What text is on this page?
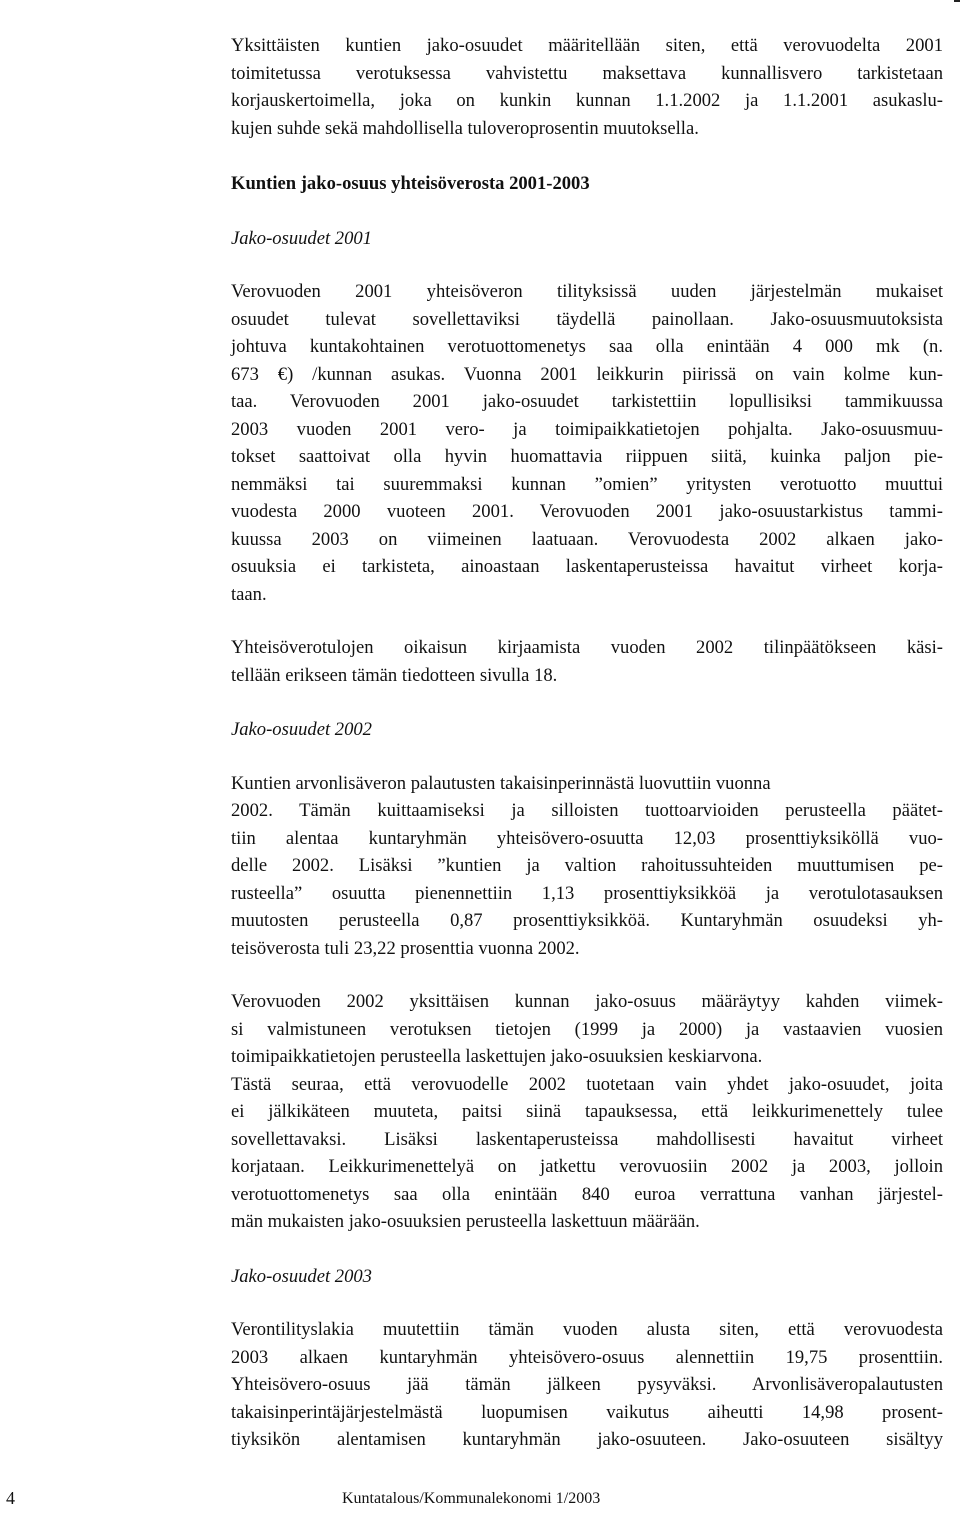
Yksittäisten kuntien jako-osuudet määritellään siten, että verovuodelta 2001
toimitetussa verotuksessa vahvistettu maksettava kunnallisvero tarkistetaan
korjauskertoimella, joka on kunkin kunnan 1.1.2002 ja 1.1.2001 asukaslu-
kujen suhde sekä mahdollisella tuloveroprosentin muutoksella.

Kuntien jako-osuus yhteisöverosta 2001-2003
Jako-osuudet 2001

Verovuoden 2001 yhteisöveron tilityksissä uuden järjestelmän mukaiset
osuudet tulevat sovellettaviksi täydellä painollaan. Jako-osuusmuutoksista
johtuva kuntakohtainen verotuottomenetys saa olla enintään 4 000 mk (n.
673 €) /kunnan asukas. Vuonna 2001 leikkurin piirissä on vain kolme kun-
taa. Verovuoden 2001 jako-osuudet tarkistettiin lopullisiksi tammikuussa
2003 vuoden 2001 vero- ja toimipaikkatietojen pohjalta. Jako-osuusmuu-
tokset saattoivat olla hyvin huomattavia riippuen siitä, kuinka paljon pie-
nemmäksi tai suuremmaksi kunnan ”omien” yritysten verotuotto muuttui
vuodesta 2000 vuoteen 2001. Verovuoden 2001 jako-osuustarkistus tammi-
kuussa 2003 on viimeinen laatuaan. Verovuodesta 2002 alkaen jako-
osuuksia ei tarkisteta, ainoastaan laskentaperusteissa havaitut virheet korja-
taan.

Yhteisöverotulojen oikaisun kirjaamista vuoden 2002 tilinpäätökseen käsi-
tellään erikseen tämän tiedotteen sivulla 18.

Jako-osuudet 2002

Kuntien arvonlisäveron palautusten takaisinperinnästä luovuttiin vuonna
2002. Tämän kuittaamiseksi ja silloisten tuottoarvioiden perusteella päätet-
tiin alentaa kuntaryhmän yhteisövero-osuutta 12,03 prosenttiyksiköllä vuo-
delle 2002. Lisäksi ”kuntien ja valtion rahoitussuhteiden muuttumisen pe-
rusteella” osuutta pienennettiin 1,13 prosenttiyksikköä ja verotulotasauksen
muutosten perusteella 0,87 prosenttiyksikköä. Kuntaryhmän osuudeksi yh-
teisöverosta tuli 23,22 prosenttia vuonna 2002.

Verovuoden 2002 yksittäisen kunnan jako-osuus määräytyy kahden viimek-
si valmistuneen verotuksen tietojen (1999 ja 2000) ja vastaavien vuosien
toimipaikkatietojen perusteella laskettujen jako-osuuksien keskiarvona.
Tästä seuraa, että verovuodelle 2002 tuotetaan vain yhdet jako-osuudet, joita
ei jälkikäteen muuteta, paitsi siinä tapauksessa, että leikkurimenettely tulee
sovellettavaksi. Lisäksi laskentaperusteissa mahdollisesti havaitut virheet
korjataan. Leikkurimenettelyä on jatkettu verovuosiin 2002 ja 2003, jolloin
verotuottomenetys saa olla enintään 840 euroa verrattuna vanhan järjestel-
män mukaisten jako-osuuksien perusteella laskettuun määrään.

Jako-osuudet 2003

Verontilityslakia muutettiin tämän vuoden alusta siten, että verovuodesta
2003 alkaen kuntaryhmän yhteisövero-osuus alennettiin 19,75 prosenttiin.
Yhteisövero-osuus jää tämän jälkeen pysyväksi. Arvonlisäveropalautusten
takaisinperintäjärjestelmästä luopumisen vaikutus aiheutti 14,98 prosent-
tiyksikön alentamisen kuntaryhmän jako-osuuteen. Jako-osuuteen sisältyy

4	Kuntatalous/Kommunalekonomi 1/2003
